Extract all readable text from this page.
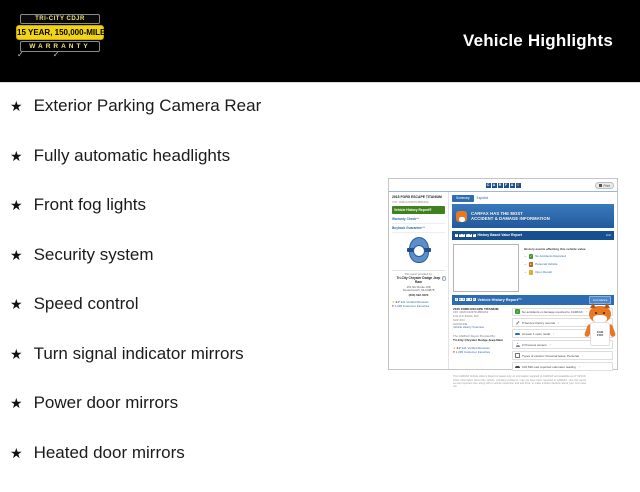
TRI-CITY CDJR
15 YEAR, 150,000-MILE
WARRANTY
✓	✓
Vehicle Highlights
★ Exterior Parking Camera Rear
★ Fully automatic headlights
★ Front fog lights
★ Security system
★ Speed control
★ Turn signal indicator mirrors
★ Power door mirrors
★ Heated door mirrors
C A R F A X	Print
2015 FORD ESCAPE TITANIUM
VIN: 1FMCU9J97FUB50152
Vehicle History Report®
Warranty Check™
Buyback Guarantee™
i
This report provided by:
Tri-City Chrysler Dodge Jeep Ram
151 NH Route 108
Somersworth, NH 03878
(603) 692-5220
★ 4.7 341 Verified Reviews
♥ 1,095 Customer Favorites
Summary	Español
CARFAX HAS THE MOST
ACCIDENT & DAMAGE INFORMATION
C A R F A X History Based Value Report	Edit
History events affecting this vehicle value
▲ ✓	No Accidents Reported
▲	●	Personal Vehicle
▲	!	Open Recall
C A R F A X Vehicle History Report™	At A Glance
2015 FORD ESCAPE TITANIUM
VIN: 1FMCU9J97FUB50152
2.0L I4 F DOHC 16V
SUV 4X4
GASOLINE
Vehicle History Overview
The CARFAX Report Provided By:
Tri-City Chrysler Dodge Jeep Ram
★ 4.7 341 Verified Reviews
♥ 1,095 Customer Favorites
✓
No accidents or damage reported to CARFAX ›
8 Service history records ›
At least 1 open recall ›
2 Previous owners ›
Types of owners: Personal lease, Personal ›
106,546 Last reported odometer reading ›
This CARFAX Vehicle History Report is based only on information supplied to CARFAX and available as of 7/15/19. Other information about this vehicle, including problems, may not have been reported to CARFAX. Use this report as one important tool, along with a vehicle inspection and test drive, to make a better decision about your next used car.
CAR
FOX
